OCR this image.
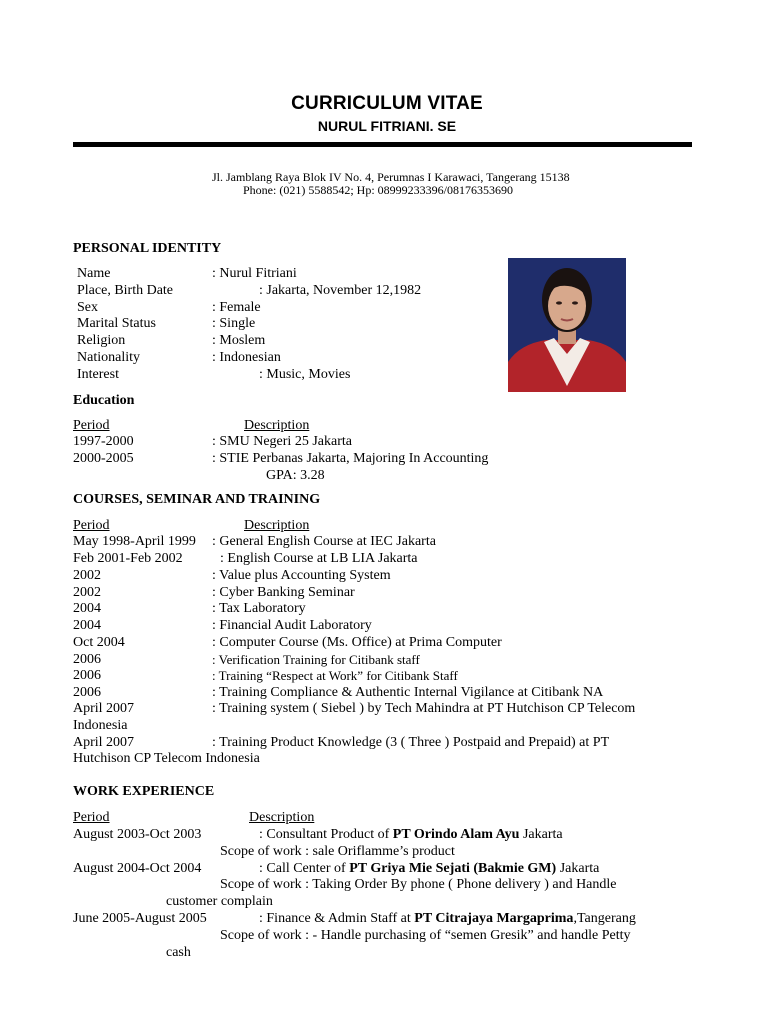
CURRICULUM VITAE
NURUL FITRIANI. SE
Jl. Jamblang Raya Blok IV No. 4, Perumnas I Karawaci, Tangerang 15138
Phone: (021) 5588542; Hp: 08999233396/08176353690
PERSONAL IDENTITY
Name	: Nurul Fitriani
Place, Birth Date	: Jakarta, November 12,1982
Sex	: Female
Marital Status	: Single
Religion	: Moslem
Nationality	: Indonesian
Interest	: Music, Movies
Education
Period	Description
1997-2000	: SMU Negeri 25 Jakarta
2000-2005	: STIE Perbanas Jakarta, Majoring In Accounting
GPA: 3.28
COURSES, SEMINAR AND TRAINING
Period	Description
May 1998-April 1999 : General English Course at IEC Jakarta
Feb 2001-Feb 2002	: English Course at LB LIA Jakarta
2002	: Value plus Accounting System
2002	: Cyber Banking Seminar
2004	: Tax Laboratory
2004	: Financial Audit Laboratory
Oct 2004	: Computer Course (Ms. Office) at Prima Computer
2006	: Verification Training for Citibank staff
2006	: Training “Respect at Work” for Citibank Staff
2006	: Training Compliance & Authentic Internal Vigilance at Citibank NA
April 2007	: Training system ( Siebel ) by Tech Mahindra at PT Hutchison CP Telecom
Indonesia
April 2007	: Training Product Knowledge (3 ( Three ) Postpaid and Prepaid) at PT
Hutchison CP Telecom Indonesia
WORK EXPERIENCE
Period	Description
August 2003-Oct 2003	: Consultant Product of PT Orindo Alam Ayu Jakarta
Scope of work : sale Oriflamme’s product
August 2004-Oct 2004	: Call Center of PT Griya Mie Sejati (Bakmie GM) Jakarta
Scope of work : Taking Order By phone ( Phone delivery ) and Handle
customer complain
June 2005-August 2005	: Finance & Admin Staff at PT Citrajaya Margaprima,Tangerang
Scope of work : - Handle purchasing of “semen Gresik” and handle Petty
cash
